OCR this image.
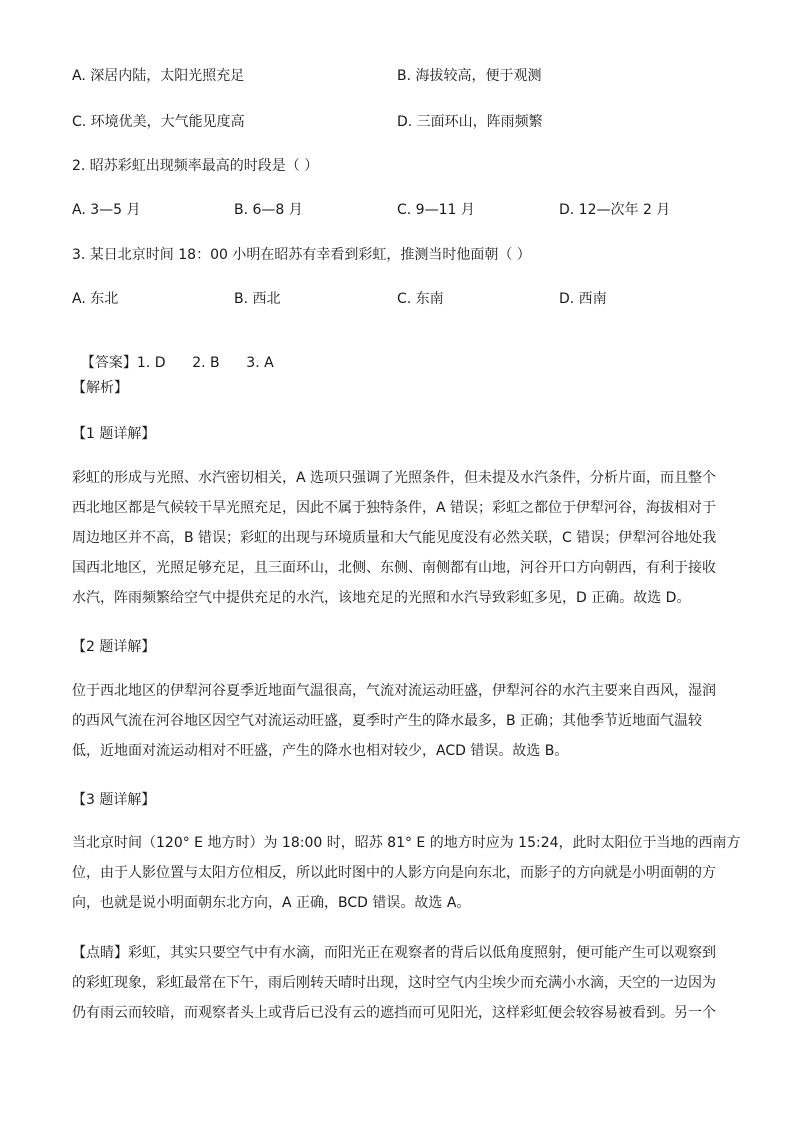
A. 深居内陆，太阳光照充足	B. 海拔较高，便于观测
C. 环境优美，大气能见度高	D. 三面环山，阵雨频繁
2. 昭苏彩虹出现频率最高的时段是（ ）
A. 3—5 月	B. 6—8 月	C. 9—11 月	D. 12—次年 2 月
3. 某日北京时间 18：00 小明在昭苏有幸看到彩虹，推测当时他面朝（ ）
A. 东北	B. 西北	C. 东南	D. 西南

【答案】1. D      2. B      3. A

【解析】
【1 题详解】
彩虹的形成与光照、水汽密切相关，A 选项只强调了光照条件，但未提及水汽条件，分析片面，而且整个
西北地区都是气候较干旱光照充足，因此不属于独特条件，A 错误；彩虹之都位于伊犁河谷，海拔相对于
周边地区并不高，B 错误；彩虹的出现与环境质量和大气能见度没有必然关联，C 错误；伊犁河谷地处我
国西北地区，光照足够充足，且三面环山，北侧、东侧、南侧都有山地，河谷开口方向朝西，有利于接收
水汽，阵雨频繁给空气中提供充足的水汽，该地充足的光照和水汽导致彩虹多见，D 正确。故选 D。
【2 题详解】
位于西北地区的伊犁河谷夏季近地面气温很高，气流对流运动旺盛，伊犁河谷的水汽主要来自西风，湿润
的西风气流在河谷地区因空气对流运动旺盛，夏季时产生的降水最多，B 正确；其他季节近地面气温较
低，近地面对流运动相对不旺盛，产生的降水也相对较少，ACD 错误。故选 B。
【3 题详解】
当北京时间（120° E 地方时）为 18:00 时，昭苏 81° E 的地方时应为 15:24，此时太阳位于当地的西南方
位，由于人影位置与太阳方位相反，所以此时图中的人影方向是向东北，而影子的方向就是小明面朝的方
向，也就是说小明面朝东北方向，A 正确，BCD 错误。故选 A。
【点睛】彩虹，其实只要空气中有水滴，而阳光正在观察者的背后以低角度照射，便可能产生可以观察到
的彩虹现象，彩虹最常在下午，雨后刚转天晴时出现，这时空气内尘埃少而充满小水滴，天空的一边因为
仍有雨云而较暗，而观察者头上或背后已没有云的遮挡而可见阳光，这样彩虹便会较容易被看到。另一个
